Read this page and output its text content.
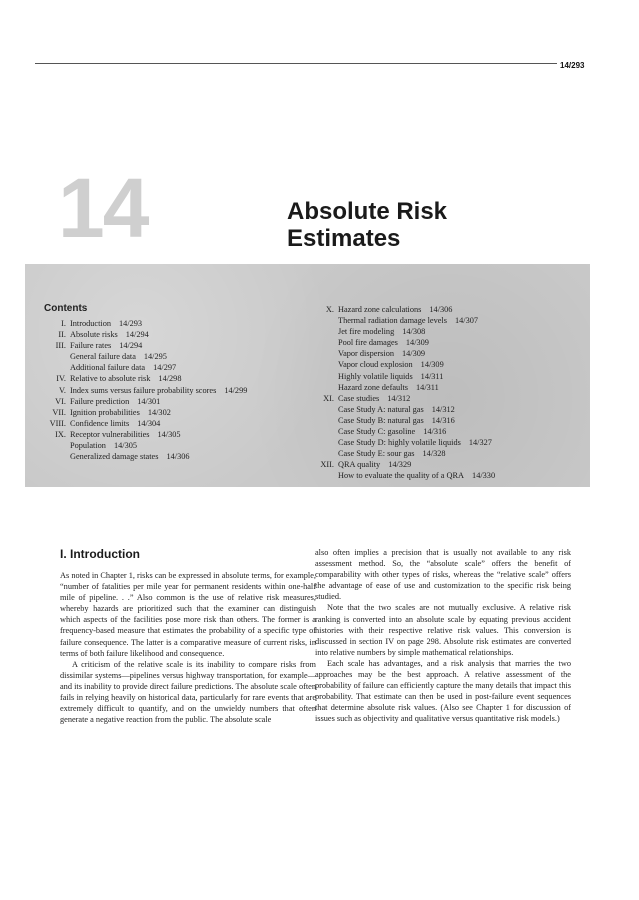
14/293
14	Absolute Risk
Estimates
Contents
I. Introduction 14/293
II. Absolute risks 14/294
III. Failure rates 14/294
General failure data 14/295
Additional failure data 14/297
IV. Relative to absolute risk 14/298
V. Index sums versus failure probability scores 14/299
VI. Failure prediction 14/301
VII. Ignition probabilities 14/302
VIII. Confidence limits 14/304
IX. Receptor vulnerabilities 14/305
Population 14/305
Generalized damage states 14/306
X. Hazard zone calculations 14/306
Thermal radiation damage levels 14/307
Jet fire modeling 14/308
Pool fire damages 14/309
Vapor dispersion 14/309
Vapor cloud explosion 14/309
Highly volatile liquids 14/311
Hazard zone defaults 14/311
XI. Case studies 14/312
Case Study A: natural gas 14/312
Case Study B: natural gas 14/316
Case Study C: gasoline 14/316
Case Study D: highly volatile liquids 14/327
Case Study E: sour gas 14/328
XII. QRA quality 14/329
How to evaluate the quality of a QRA 14/330
I. Introduction

As noted in Chapter 1, risks can be expressed in absolute terms, for example, “number of fatalities per mile year for permanent residents within one-half mile of pipeline. . .” Also common is the use of relative risk measures, whereby hazards are prioritized such that the examiner can distinguish which aspects of the facilities pose more risk than others. The former is a frequency-based measure that estimates the probability of a specific type of failure consequence. The latter is a comparative measure of current risks, in terms of both failure likelihood and consequence.

A criticism of the relative scale is its inability to compare risks from dissimilar systems—pipelines versus highway transportation, for example—and its inability to provide direct failure predictions. The absolute scale often fails in relying heavily on historical data, particularly for rare events that are extremely difficult to quantify, and on the unwieldy numbers that often generate a negative reaction from the public. The absolute scale

also often implies a precision that is usually not available to any risk assessment method. So, the “absolute scale” offers the benefit of comparability with other types of risks, whereas the “relative scale” offers the advantage of ease of use and customization to the specific risk being studied.

Note that the two scales are not mutually exclusive. A relative risk ranking is converted into an absolute scale by equating previous accident histories with their respective relative risk values. This conversion is discussed in section IV on page 298. Absolute risk estimates are converted into relative numbers by simple mathematical relationships.

Each scale has advantages, and a risk analysis that marries the two approaches may be the best approach. A relative assessment of the probability of failure can efficiently capture the many details that impact this probability. That estimate can then be used in post-failure event sequences that determine absolute risk values. (Also see Chapter 1 for discussion of issues such as objectivity and qualitative versus quantitative risk models.)
